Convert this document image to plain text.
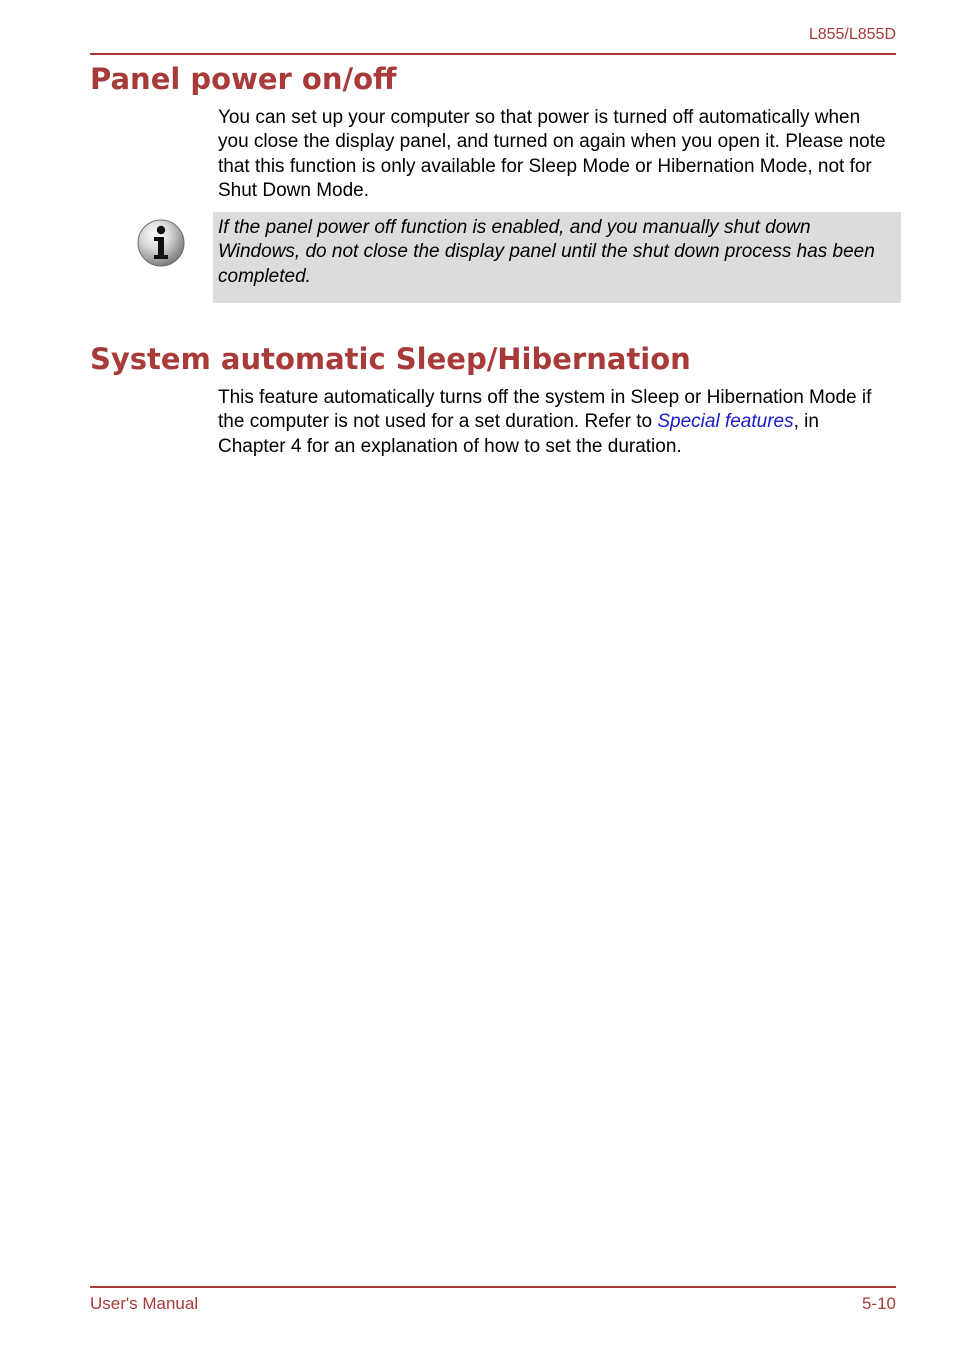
L855/L855D
Panel power on/off

You can set up your computer so that power is turned off automatically when you close the display panel, and turned on again when you open it. Please note that this function is only available for Sleep Mode or Hibernation Mode, not for Shut Down Mode.

If the panel power off function is enabled, and you manually shut down Windows, do not close the display panel until the shut down process has been completed.

System automatic Sleep/Hibernation

This feature automatically turns off the system in Sleep or Hibernation Mode if the computer is not used for a set duration. Refer to Special features, in Chapter 4 for an explanation of how to set the duration.

User's Manual	5-10
